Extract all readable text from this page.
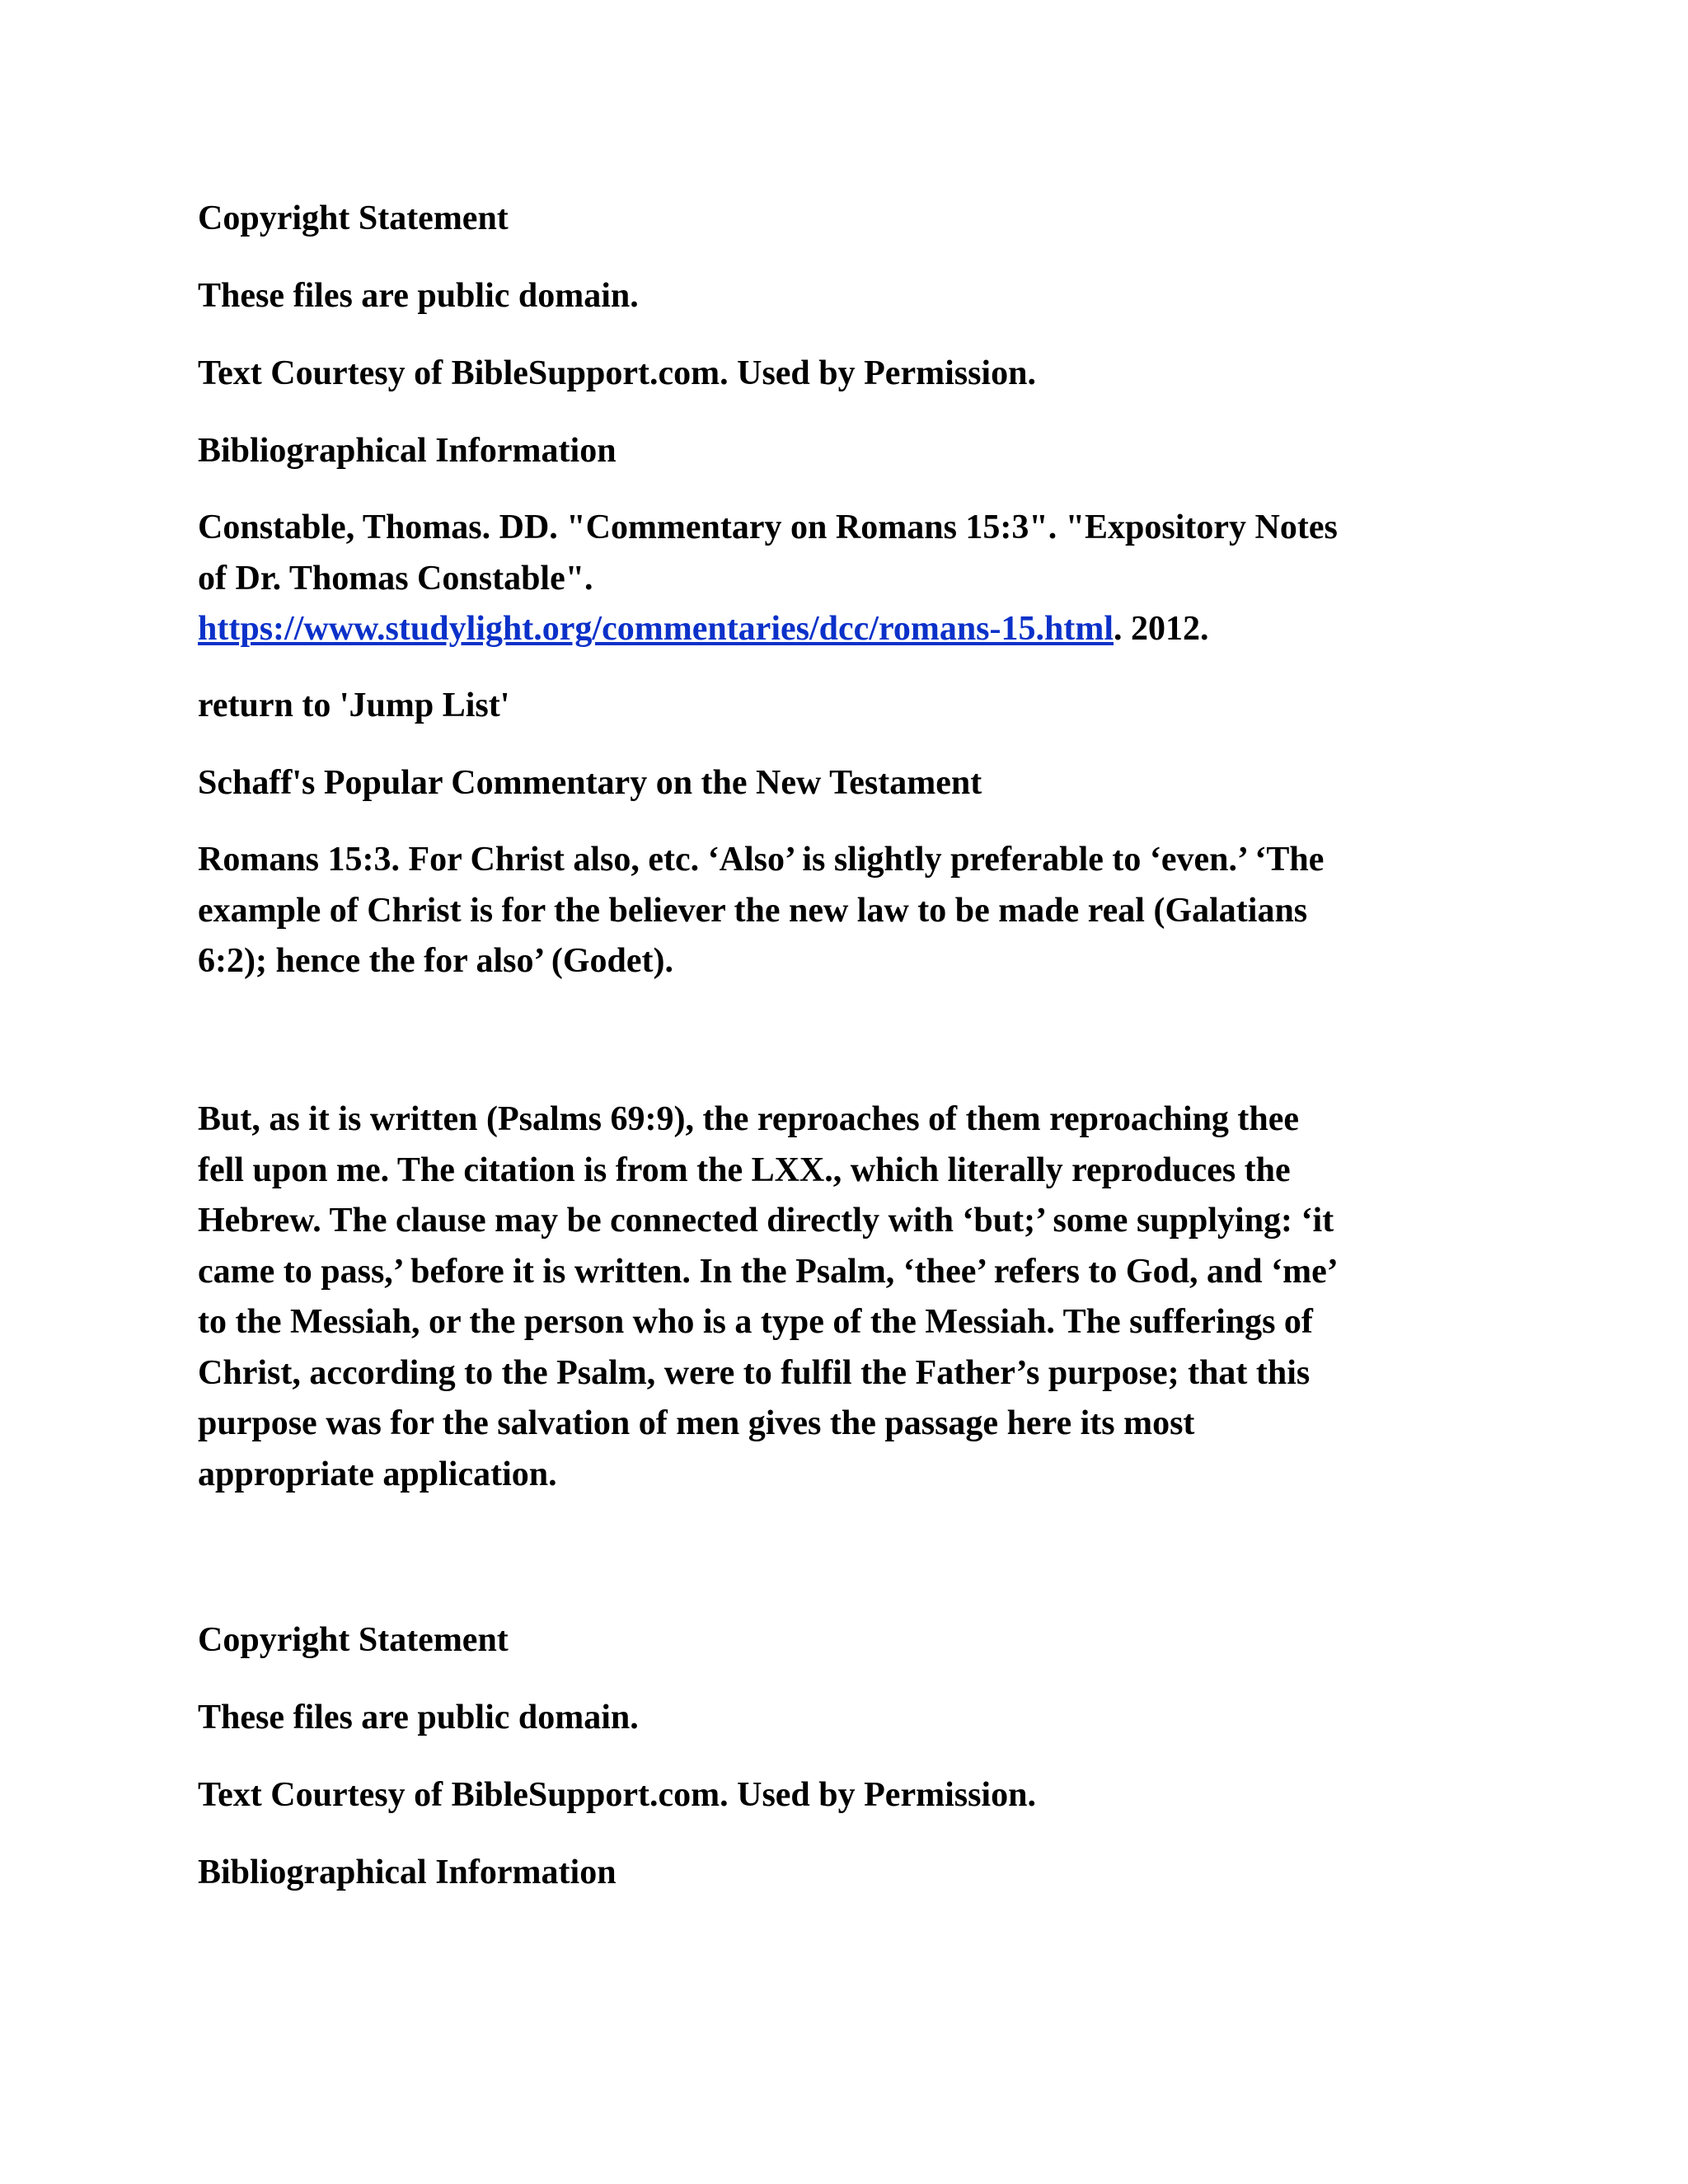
Copyright Statement

These files are public domain.

Text Courtesy of BibleSupport.com. Used by Permission.

Bibliographical Information

Constable, Thomas. DD. "Commentary on Romans 15:3". "Expository Notes
of Dr. Thomas Constable".
https://www.studylight.org/commentaries/dcc/romans-15.html. 2012.

return to 'Jump List'

Schaff's Popular Commentary on the New Testament

Romans 15:3. For Christ also, etc. ‘Also’ is slightly preferable to ‘even.’ ‘The
example of Christ is for the believer the new law to be made real (Galatians
6:2); hence the for also’ (Godet).
But, as it is written (Psalms 69:9), the reproaches of them reproaching thee
fell upon me. The citation is from the LXX., which literally reproduces the
Hebrew. The clause may be connected directly with ‘but;’ some supplying: ‘it
came to pass,’ before it is written. In the Psalm, ‘thee’ refers to God, and ‘me’
to the Messiah, or the person who is a type of the Messiah. The sufferings of
Christ, according to the Psalm, were to fulfil the Father’s purpose; that this
purpose was for the salvation of men gives the passage here its most
appropriate application.

Copyright Statement

These files are public domain.

Text Courtesy of BibleSupport.com. Used by Permission.

Bibliographical Information
